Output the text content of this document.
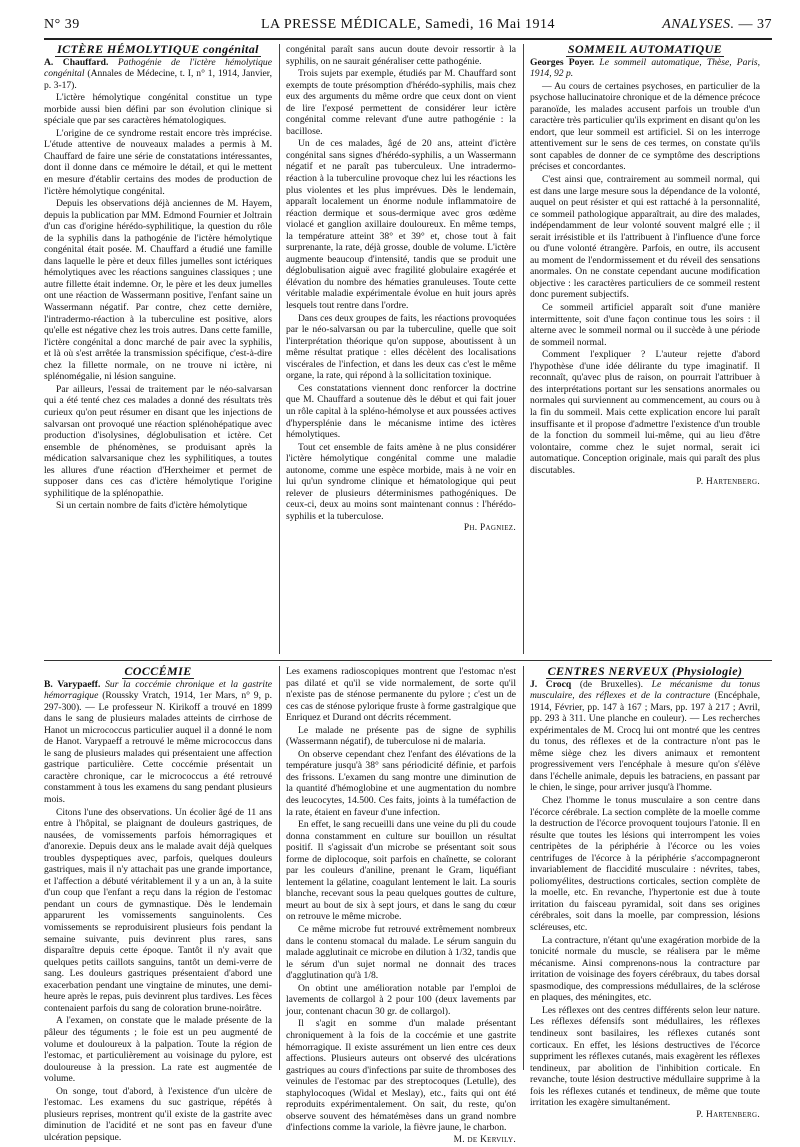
N° 39	LA PRESSE MÉDICALE, Samedi, 16 Mai 1914	ANALYSES. — 37

ICTÈRE HÉMOLYTIQUE congénital

A. Chauffard. Pathogénie de l'ictère hémolytique congénital (Annales de Médecine, t. I, n° 1, 1914, Janvier, p. 3-17).

L'ictère hémolytique congénital constitue un type morbide aussi bien défini par son évolution clinique si spéciale que par ses caractères hématologiques.

L'origine de ce syndrome restait encore très imprécise. L'étude attentive de nouveaux malades a permis à M. Chauffard de faire une série de constatations intéressantes, dont il donne dans ce mémoire le détail, et qui le mettent en mesure d'établir certains des modes de production de l'ictère hémolytique congénital.

Depuis les observations déjà anciennes de M. Hayem, depuis la publication par MM. Edmond Fournier et Joltrain d'un cas d'origine hérédo-syphilitique, la question du rôle de la syphilis dans la pathogénie de l'ictère hémolytique congénital était posée. M. Chauffard a étudié une famille dans laquelle le père et deux filles jumelles sont ictériques hémolytiques avec les réactions sanguines classiques ; une autre fillette était indemne. Or, le père et les deux jumelles ont une réaction de Wassermann positive, l'enfant saine un Wassermann négatif. Par contre, chez cette dernière, l'intradermo-réaction à la tuberculine est positive, alors qu'elle est négative chez les trois autres. Dans cette famille, l'ictère congénital a donc marché de pair avec la syphilis, et là où s'est arrêtée la transmission spécifique, c'est-à-dire chez la fillette normale, on ne trouve ni ictère, ni splénomégalie, ni lésion sanguine.

Par ailleurs, l'essai de traitement par le néo-salvarsan qui a été tenté chez ces malades a donné des résultats très curieux qu'on peut résumer en disant que les injections de salvarsan ont provoqué une réaction splénohépatique avec production d'isolysines, déglobulisation et ictère. Cet ensemble de phénomènes, se produisant après la médication salvarsanique chez les syphilitiques, a toutes les allures d'une réaction d'Herxheimer et permet de supposer dans ces cas d'ictère hémolytique l'origine syphilitique de la splénopathie.

Si un certain nombre de faits d'ictère hémolytique

congénital paraît sans aucun doute devoir ressortir à la syphilis, on ne saurait généraliser cette pathogénie.

Trois sujets par exemple, étudiés par M. Chauffard sont exempts de toute présomption d'hérédo-syphilis, mais chez eux des arguments du même ordre que ceux dont on vient de lire l'exposé permettent de considérer leur ictère congénital comme relevant d'une autre pathogénie : la bacillose.

Un de ces malades, âgé de 20 ans, atteint d'ictère congénital sans signes d'hérédo-syphilis, a un Wassermann négatif et ne paraît pas tuberculeux. Une intradermo-réaction à la tuberculine provoque chez lui les réactions les plus violentes et les plus imprévues. Dès le lendemain, apparaît localement un énorme nodule inflammatoire de réaction dermique et sous-dermique avec gros œdème violacé et ganglion axillaire douloureux. En même temps, la température atteint 38° et 39° et, chose tout à fait surprenante, la rate, déjà grosse, double de volume. L'ictère augmente beaucoup d'intensité, tandis que se produit une déglobulisation aiguë avec fragilité globulaire exagérée et élévation du nombre des hématies granuleuses. Toute cette véritable maladie expérimentale évolue en huit jours après lesquels tout rentre dans l'ordre.

Dans ces deux groupes de faits, les réactions provoquées par le néo-salvarsan ou par la tuberculine, quelle que soit l'interprétation théorique qu'on suppose, aboutissent à un même résultat pratique : elles décèlent des localisations viscérales de l'infection, et dans les deux cas c'est le même organe, la rate, qui répond à la sollicitation toxinique.

Ces constatations viennent donc renforcer la doctrine que M. Chauffard a soutenue dès le début et qui fait jouer un rôle capital à la spléno-hémolyse et aux poussées actives d'hypersplénie dans le mécanisme intime des ictères hémolytiques.

Tout cet ensemble de faits amène à ne plus considérer l'ictère hémolytique congénital comme une maladie autonome, comme une espèce morbide, mais à ne voir en lui qu'un syndrome clinique et hématologique qui peut relever de plusieurs déterminismes pathogéniques. De ceux-ci, deux au moins sont maintenant connus : l'hérédo-syphilis et la tuberculose.

Ph. Pagniez.

SOMMEIL AUTOMATIQUE

Georges Poyer. Le sommeil automatique, Thèse, Paris, 1914, 92 p.

— Au cours de certaines psychoses, en particulier de la psychose hallucinatoire chronique et de la démence précoce paranoïde, les malades accusent parfois un trouble d'un caractère très particulier qu'ils expriment en disant qu'on les endort, que leur sommeil est artificiel. Si on les interroge attentivement sur le sens de ces termes, on constate qu'ils sont capables de donner de ce symptôme des descriptions précises et concordantes.

C'est ainsi que, contrairement au sommeil normal, qui est dans une large mesure sous la dépendance de la volonté, auquel on peut résister et qui est rattaché à la personnalité, ce sommeil pathologique apparaîtrait, au dire des malades, indépendamment de leur volonté souvent malgré elle ; il serait irrésistible et ils l'attribuent à l'influence d'une force ou d'une volonté étrangère. Parfois, en outre, ils accusent au moment de l'endormissement et du réveil des sensations anormales. On ne constate cependant aucune modification objective : les caractères particuliers de ce sommeil restent donc purement subjectifs.

Ce sommeil artificiel apparaît soit d'une manière intermittente, soit d'une façon continue tous les soirs : il alterne avec le sommeil normal ou il succède à une période de sommeil normal.

Comment l'expliquer ? L'auteur rejette d'abord l'hypothèse d'une idée délirante du type imaginatif. Il reconnaît, qu'avec plus de raison, on pourrait l'attribuer à des interprétations portant sur les sensations anormales ou normales qui surviennent au commencement, au cours ou à la fin du sommeil. Mais cette explication encore lui paraît insuffisante et il propose d'admettre l'existence d'un trouble de la fonction du sommeil lui-même, qui au lieu d'être volontaire, comme chez le sujet normal, serait ici automatique. Conception originale, mais qui paraît des plus discutables.

P. Hartenberg.

COCCÉMIE

B. Varypaeff. Sur la coccémie chronique et la gastrite hémorragique (Roussky Vratch, 1914, 1er Mars, n° 9, p. 297-300). — Le professeur N. Kirikoff a trouvé en 1899 dans le sang de plusieurs malades atteints de cirrhose de Hanot un micrococcus particulier auquel il a donné le nom de Hanot. Varypaeff a retrouvé le même micrococcus dans le sang de plusieurs malades qui présentaient une affection gastrique particulière. Cette coccémie présentait un caractère chronique, car le micrococcus a été retrouvé constamment à tous les examens du sang pendant plusieurs mois.

Citons l'une des observations. Un écolier âgé de 11 ans entre à l'hôpital, se plaignant de douleurs gastriques, de nausées, de vomissements parfois hémorragiques et d'anorexie. Depuis deux ans le malade avait déjà quelques troubles dyspeptiques avec, parfois, quelques douleurs gastriques, mais il n'y attachait pas une grande importance, et l'affection a débuté véritablement il y a un an, à la suite d'un coup que l'enfant a reçu dans la région de l'estomac pendant un cours de gymnastique. Dès le lendemain apparurent les vomissements sanguinolents. Ces vomissements se reproduisirent plusieurs fois pendant la semaine suivante, puis devinrent plus rares, sans disparaître depuis cette époque. Tantôt il n'y avait que quelques petits caillots sanguins, tantôt un demi-verre de sang. Les douleurs gastriques présentaient d'abord une exacerbation pendant une vingtaine de minutes, une demi-heure après le repas, puis devinrent plus tardives. Les fèces contenaient parfois du sang de coloration brune-noirâtre.

A l'examen, on constate que le malade présente de la pâleur des téguments ; le foie est un peu augmenté de volume et douloureux à la palpation. Toute la région de l'estomac, et particulièrement au voisinage du pylore, est douloureuse à la pression. La rate est augmentée de volume.

On songe, tout d'abord, à l'existence d'un ulcère de l'estomac. Les examens du suc gastrique, répétés à plusieurs reprises, montrent qu'il existe de la gastrite avec diminution de l'acidité et ne sont pas en faveur d'une ulcération pepsique.

Les examens radioscopiques montrent que l'estomac n'est pas dilaté et qu'il se vide normalement, de sorte qu'il n'existe pas de sténose permanente du pylore ; c'est un de ces cas de sténose pylorique fruste à forme gastralgique que Enriquez et Durand ont décrits récemment.

Le malade ne présente pas de signe de syphilis (Wassermann négatif), de tuberculose ni de malaria.

On observe cependant chez l'enfant des élévations de la température jusqu'à 38° sans périodicité définie, et parfois des frissons. L'examen du sang montre une diminution de la quantité d'hémoglobine et une augmentation du nombre des leucocytes, 14.500. Ces faits, joints à la tuméfaction de la rate, étaient en faveur d'une infection.

En effet, le sang recueilli dans une veine du pli du coude donna constamment en culture sur bouillon un résultat positif. Il s'agissait d'un microbe se présentant soit sous forme de diplocoque, soit parfois en chaînette, se colorant par les couleurs d'aniline, prenant le Gram, liquéfiant lentement la gélatine, coagulant lentement le lait. La souris blanche, recevant sous la peau quelques gouttes de culture, meurt au bout de six à sept jours, et dans le sang du cœur on retrouve le même microbe.

Ce même microbe fut retrouvé extrêmement nombreux dans le contenu stomacal du malade. Le sérum sanguin du malade agglutinait ce microbe en dilution à 1/32, tandis que le sérum d'un sujet normal ne donnait des traces d'agglutination qu'à 1/8.

On obtint une amélioration notable par l'emploi de lavements de collargol à 2 pour 100 (deux lavements par jour, contenant chacun 30 gr. de collargol).

Il s'agit en somme d'un malade présentant chroniquement à la fois de la coccémie et une gastrite hémorragique. Il existe assurément un lien entre ces deux affections. Plusieurs auteurs ont observé des ulcérations gastriques au cours d'infections par suite de thromboses des veinules de l'estomac par des streptocoques (Letulle), des staphylocoques (Widal et Meslay), etc., faits qui ont été reproduits expérimentalement. On sait, du reste, qu'on observe souvent des hématémèses dans un grand nombre d'infections comme la variole, la fièvre jaune, le charbon.

M. de Kervily.

CENTRES NERVEUX (Physiologie)

J. Crocq (de Bruxelles). Le mécanisme du tonus musculaire, des réflexes et de la contracture (Encéphale, 1914, Février, pp. 147 à 167 ; Mars, pp. 197 à 217 ; Avril, pp. 293 à 311. Une planche en couleur). — Les recherches expérimentales de M. Crocq lui ont montré que les centres du tonus, des réflexes et de la contracture n'ont pas le même siège chez les divers animaux et remontent progressivement vers l'encéphale à mesure qu'on s'élève dans l'échelle animale, depuis les batraciens, en passant par le chien, le singe, pour arriver jusqu'à l'homme.

Chez l'homme le tonus musculaire a son centre dans l'écorce cérébrale. La section complète de la moelle comme la destruction de l'écorce provoquent toujours l'atonie. Il en résulte que toutes les lésions qui interrompent les voies centripètes de la périphérie à l'écorce ou les voies centrifuges de l'écorce à la périphérie s'accompagneront invariablement de flaccidité musculaire : névrites, tabes, poliomyélites, destructions corticales, section complète de la moelle, etc. En revanche, l'hypertonie est due à toute irritation du faisceau pyramidal, soit dans ses origines cérébrales, soit dans la moelle, par compression, lésions scléreuses, etc.

La contracture, n'étant qu'une exagération morbide de la tonicité normale du muscle, se réalisera par le même mécanisme. Ainsi comprenons-nous la contracture par irritation de voisinage des foyers cérébraux, du tabes dorsal spasmodique, des compressions médullaires, de la sclérose en plaques, des méningites, etc.

Les réflexes ont des centres différents selon leur nature. Les réflexes défensifs sont médullaires, les réflexes tendineux sont basilaires, les réflexes cutanés sont corticaux. En effet, les lésions destructives de l'écorce suppriment les réflexes cutanés, mais exagèrent les réflexes tendineux, par abolition de l'inhibition corticale. En revanche, toute lésion destructive médullaire supprime à la fois les réflexes cutanés et tendineux, de même que toute irritation les exagère simultanément.

P. Hartenberg.
